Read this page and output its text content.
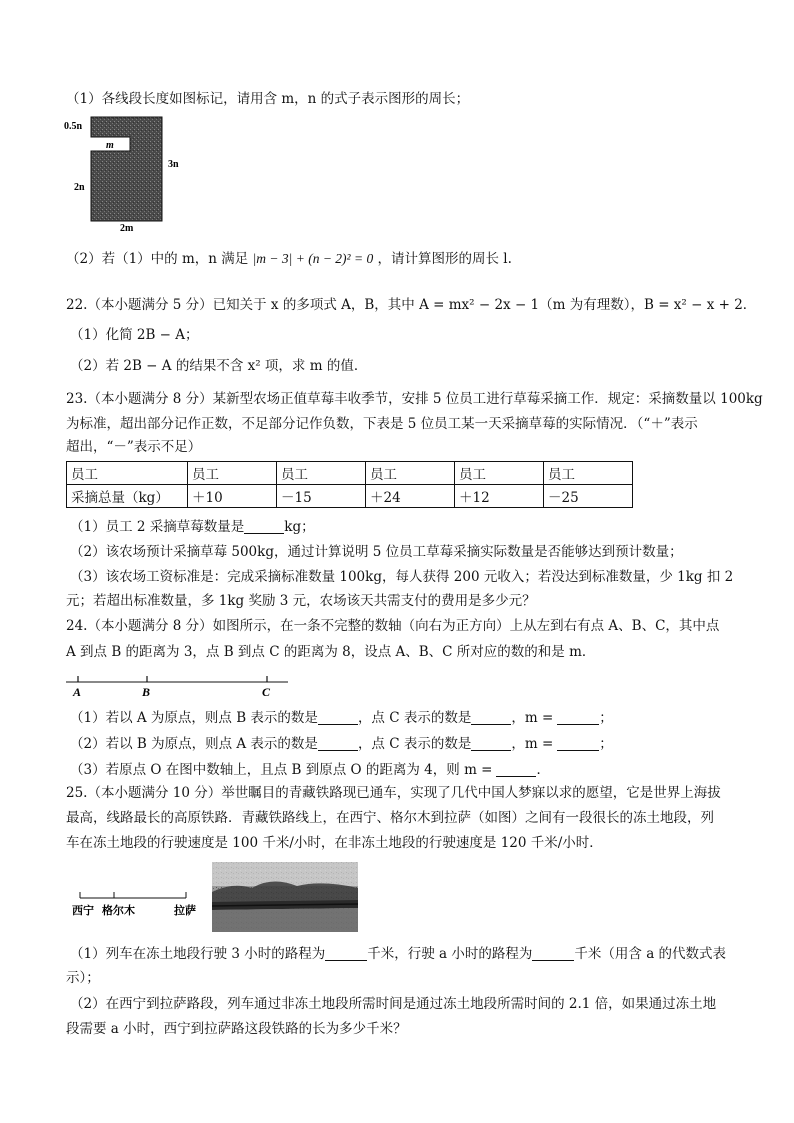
（1）各线段长度如图标记，请用含 m，n 的式子表示图形的周长；
0.5n
m
3n
2n
2m
（2）若（1）中的 m，n 满足 |m − 3| + (n − 2)² = 0 ，请计算图形的周长 l.
22.（本小题满分 5 分）已知关于 x 的多项式 A，B，其中 A = mx² − 2x − 1（m 为有理数），B = x² − x + 2．
（1）化简 2B − A；
（2）若 2B − A 的结果不含 x² 项，求 m 的值．
23.（本小题满分 8 分）某新型农场正值草莓丰收季节，安排 5 位员工进行草莓采摘工作．规定：采摘数量以 100kg
为标准，超出部分记作正数，不足部分记作负数，下表是 5 位员工某一天采摘草莓的实际情况．（“＋”表示
超出，“－”表示不足）
员工	员工	员工	员工	员工	员工
采摘总量（kg）	＋10	－15	＋24	＋12	－25
（1）员工 2 采摘草莓数量是	kg；
（2）该农场预计采摘草莓 500kg，通过计算说明 5 位员工草莓采摘实际数量是否能够达到预计数量；
（3）该农场工资标准是：完成采摘标准数量 100kg，每人获得 200 元收入；若没达到标准数量，少 1kg 扣 2
元；若超出标准数量，多 1kg 奖励 3 元，农场该天共需支付的费用是多少元？
24.（本小题满分 8 分）如图所示，在一条不完整的数轴（向右为正方向）上从左到右有点 A、B、C，其中点
A 到点 B 的距离为 3，点 B 到点 C 的距离为 8，设点 A、B、C 所对应的数的和是 m．
A	B	C
（1）若以 A 为原点，则点 B 表示的数是	，点 C 表示的数是	，m =	；
（2）若以 B 为原点，则点 A 表示的数是	，点 C 表示的数是	，m =	；
（3）若原点 O 在图中数轴上，且点 B 到原点 O 的距离为 4，则 m =	．
25.（本小题满分 10 分）举世瞩目的青藏铁路现已通车，实现了几代中国人梦寐以求的愿望，它是世界上海拔
最高，线路最长的高原铁路．青藏铁路线上，在西宁、格尔木到拉萨（如图）之间有一段很长的冻土地段，列
车在冻土地段的行驶速度是 100 千米/小时，在非冻土地段的行驶速度是 120 千米/小时．
西宁 格尔木	拉萨
（1）列车在冻土地段行驶 3 小时的路程为	千米，行驶 a 小时的路程为	千米（用含 a 的代数式表
示）；
（2）在西宁到拉萨路段，列车通过非冻土地段所需时间是通过冻土地段所需时间的 2.1 倍，如果通过冻土地
段需要 a 小时，西宁到拉萨路这段铁路的长为多少千米？
